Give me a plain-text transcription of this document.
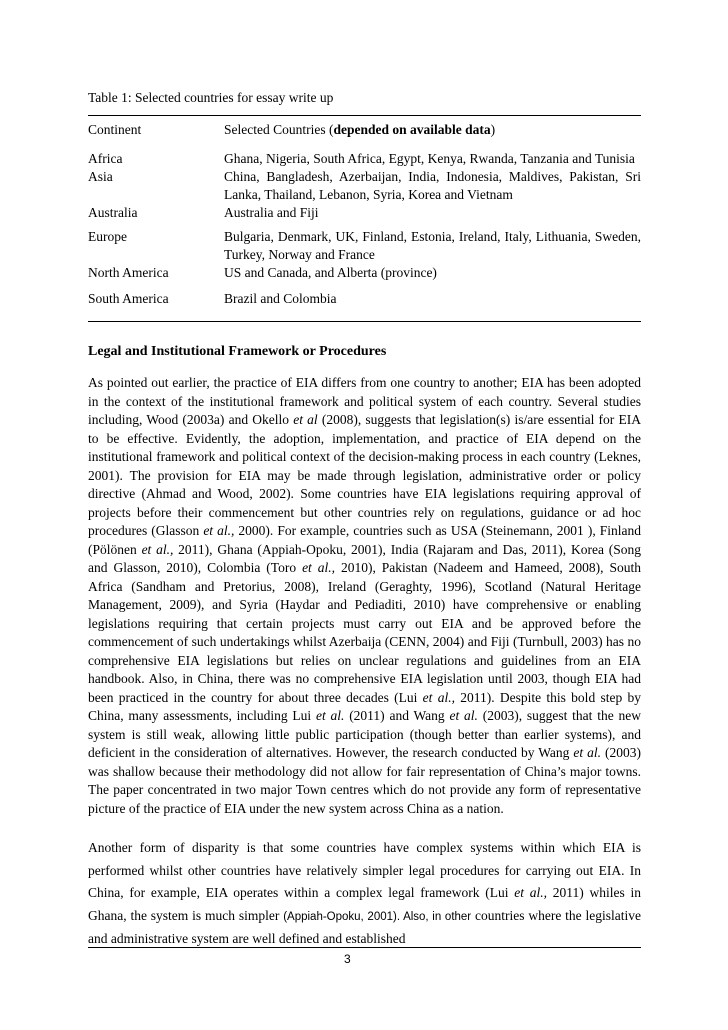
Table 1: Selected countries for essay write up
Continent	Selected Countries (depended on available data)
Africa	Ghana, Nigeria, South Africa, Egypt, Kenya, Rwanda, Tanzania and Tunisia
Asia	China, Bangladesh, Azerbaijan, India, Indonesia, Maldives, Pakistan, Sri Lanka, Thailand, Lebanon, Syria, Korea and Vietnam
Australia	Australia and Fiji
Europe	Bulgaria, Denmark, UK, Finland, Estonia, Ireland, Italy, Lithuania, Sweden, Turkey, Norway and France
North America	US and Canada, and Alberta (province)
South America	Brazil and Colombia
Legal and Institutional Framework or Procedures

As pointed out earlier, the practice of EIA differs from one country to another; EIA has been adopted in the context of the institutional framework and political system of each country. Several studies including, Wood (2003a) and Okello et al (2008), suggests that legislation(s) is/are essential for EIA to be effective. Evidently, the adoption, implementation, and practice of EIA depend on the institutional framework and political context of the decision-making process in each country (Leknes, 2001). The provision for EIA may be made through legislation, administrative order or policy directive (Ahmad and Wood, 2002). Some countries have EIA legislations requiring approval of projects before their commencement but other countries rely on regulations, guidance or ad hoc procedures (Glasson et al., 2000). For example, countries such as USA (Steinemann, 2001 ), Finland (Pölönen et al., 2011), Ghana (Appiah-Opoku, 2001), India (Rajaram and Das, 2011), Korea (Song and Glasson, 2010), Colombia (Toro et al., 2010), Pakistan (Nadeem and Hameed, 2008), South Africa (Sandham and Pretorius, 2008), Ireland (Geraghty, 1996), Scotland (Natural Heritage Management, 2009), and Syria (Haydar and Pediaditi, 2010) have comprehensive or enabling legislations requiring that certain projects must carry out EIA and be approved before the commencement of such undertakings whilst Azerbaija (CENN, 2004) and Fiji (Turnbull, 2003) has no comprehensive EIA legislations but relies on unclear regulations and guidelines from an EIA handbook. Also, in China, there was no comprehensive EIA legislation until 2003, though EIA had been practiced in the country for about three decades (Lui et al., 2011). Despite this bold step by China, many assessments, including Lui et al. (2011) and Wang et al. (2003), suggest that the new system is still weak, allowing little public participation (though better than earlier systems), and deficient in the consideration of alternatives. However, the research conducted by Wang et al. (2003) was shallow because their methodology did not allow for fair representation of China’s major towns. The paper concentrated in two major Town centres which do not provide any form of representative picture of the practice of EIA under the new system across China as a nation.

Another form of disparity is that some countries have complex systems within which EIA is performed whilst other countries have relatively simpler legal procedures for carrying out EIA. In China, for example, EIA operates within a complex legal framework (Lui et al., 2011) whiles in Ghana, the system is much simpler (Appiah-Opoku, 2001). Also, in other countries where the legislative and administrative system are well defined and established

3
